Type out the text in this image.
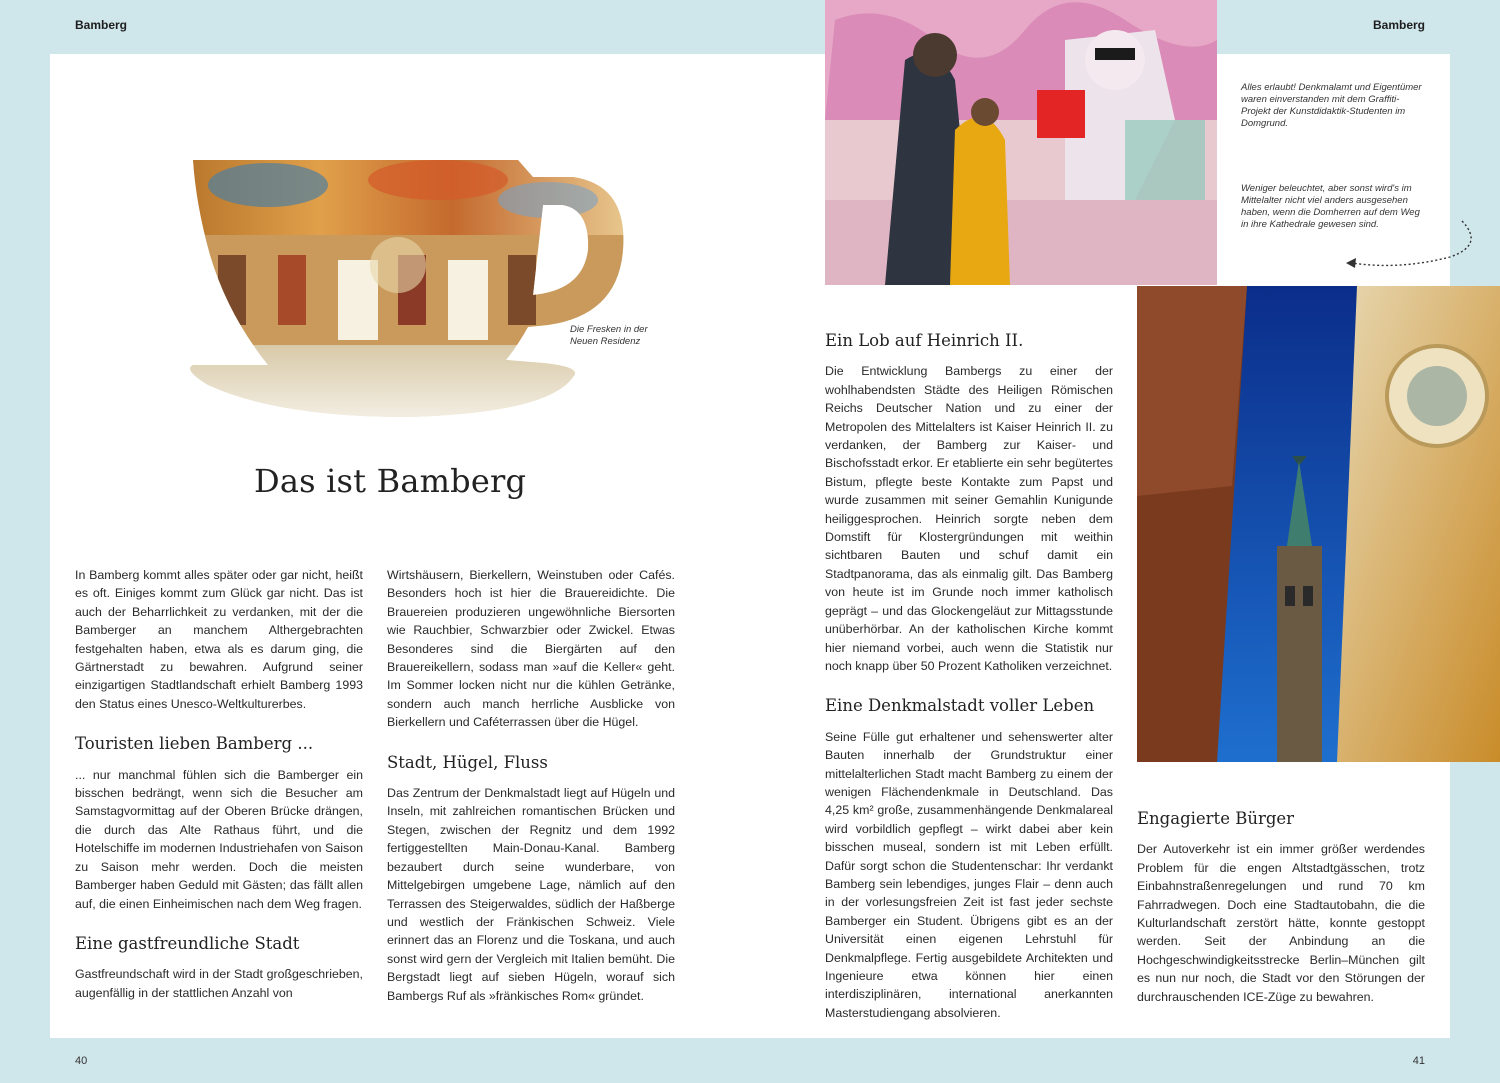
Bamberg	Bamberg
Die Fresken in der
Neuen Residenz
Das ist Bamberg

In Bamberg kommt alles später oder gar nicht, heißt es oft. Einiges kommt zum Glück gar nicht. Das ist auch der Beharrlichkeit zu verdanken, mit der die Bamberger an manchem Althergebrachten festgehalten haben, etwa als es darum ging, die Gärtnerstadt zu bewahren. Aufgrund seiner einzigartigen Stadtlandschaft erhielt Bamberg 1993 den Status eines Unesco-Weltkulturerbes.

Touristen lieben Bamberg ...

... nur manchmal fühlen sich die Bamberger ein bisschen bedrängt, wenn sich die Besucher am Samstagvormittag auf der Oberen Brücke drängen, die durch das Alte Rathaus führt, und die Hotelschiffe im modernen Industriehafen von Saison zu Saison mehr werden. Doch die meisten Bamberger haben Geduld mit Gästen; das fällt allen auf, die einen Einheimischen nach dem Weg fragen.

Eine gastfreundliche Stadt

Gastfreundschaft wird in der Stadt großgeschrieben, augenfällig in der stattlichen Anzahl von

Wirtshäusern, Bierkellern, Weinstuben oder Cafés. Besonders hoch ist hier die Brauereidichte. Die Brauereien produzieren ungewöhnliche Biersorten wie Rauchbier, Schwarzbier oder Zwickel. Etwas Besonderes sind die Biergärten auf den Brauereikellern, sodass man »auf die Keller« geht. Im Sommer locken nicht nur die kühlen Getränke, sondern auch manch herrliche Ausblicke von Bierkellern und Caféterrassen über die Hügel.

Stadt, Hügel, Fluss

Das Zentrum der Denkmalstadt liegt auf Hügeln und Inseln, mit zahlreichen romantischen Brücken und Stegen, zwischen der Regnitz und dem 1992 fertiggestellten Main-Donau-Kanal. Bamberg bezaubert durch seine wunderbare, von Mittelgebirgen umgebene Lage, nämlich auf den Terrassen des Steigerwaldes, südlich der Haßberge und westlich der Fränkischen Schweiz. Viele erinnert das an Florenz und die Toskana, und auch sonst wird gern der Vergleich mit Italien bemüht. Die Bergstadt liegt auf sieben Hügeln, worauf sich Bambergs Ruf als »fränkisches Rom« gründet.

Alles erlaubt! Denkmalamt und Eigentümer waren einverstanden mit dem Graffiti-Projekt der Kunstdidaktik-Studenten im Domgrund.
Weniger beleuchtet, aber sonst wird's im Mittelalter nicht viel anders ausgesehen haben, wenn die Domherren auf dem Weg in ihre Kathedrale gewesen sind.
Ein Lob auf Heinrich II.

Die Entwicklung Bambergs zu einer der wohlhabendsten Städte des Heiligen Römischen Reichs Deutscher Nation und zu einer der Metropolen des Mittelalters ist Kaiser Heinrich II. zu verdanken, der Bamberg zur Kaiser- und Bischofsstadt erkor. Er etablierte ein sehr begütertes Bistum, pflegte beste Kontakte zum Papst und wurde zusammen mit seiner Gemahlin Kunigunde heiliggesprochen. Heinrich sorgte neben dem Domstift für Klostergründungen mit weithin sichtbaren Bauten und schuf damit ein Stadtpanorama, das als einmalig gilt. Das Bamberg von heute ist im Grunde noch immer katholisch geprägt – und das Glockengeläut zur Mittagsstunde unüberhörbar. An der katholischen Kirche kommt hier niemand vorbei, auch wenn die Statistik nur noch knapp über 50 Prozent Katholiken verzeichnet.

Eine Denkmalstadt voller Leben

Seine Fülle gut erhaltener und sehenswerter alter Bauten innerhalb der Grundstruktur einer mittelalterlichen Stadt macht Bamberg zu einem der wenigen Flächendenkmale in Deutschland. Das 4,25 km² große, zusammenhängende Denkmalareal wird vorbildlich gepflegt – wirkt dabei aber kein bisschen museal, sondern ist mit Leben erfüllt. Dafür sorgt schon die Studentenschar: Ihr verdankt Bamberg sein lebendiges, junges Flair – denn auch in der vorlesungsfreien Zeit ist fast jeder sechste Bamberger ein Student. Übrigens gibt es an der Universität einen eigenen Lehrstuhl für Denkmalpflege. Fertig ausgebildete Architekten und Ingenieure etwa können hier einen interdisziplinären, international anerkannten Masterstudiengang absolvieren.

Engagierte Bürger

Der Autoverkehr ist ein immer größer werdendes Problem für die engen Altstadtgässchen, trotz Einbahnstraßenregelungen und rund 70 km Fahrradwegen. Doch eine Stadtautobahn, die die Kulturlandschaft zerstört hätte, konnte gestoppt werden. Seit der Anbindung an die Hochgeschwindigkeitsstrecke Berlin–München gilt es nun nur noch, die Stadt vor den Störungen der durchrauschenden ICE-Züge zu bewahren.

40	41
